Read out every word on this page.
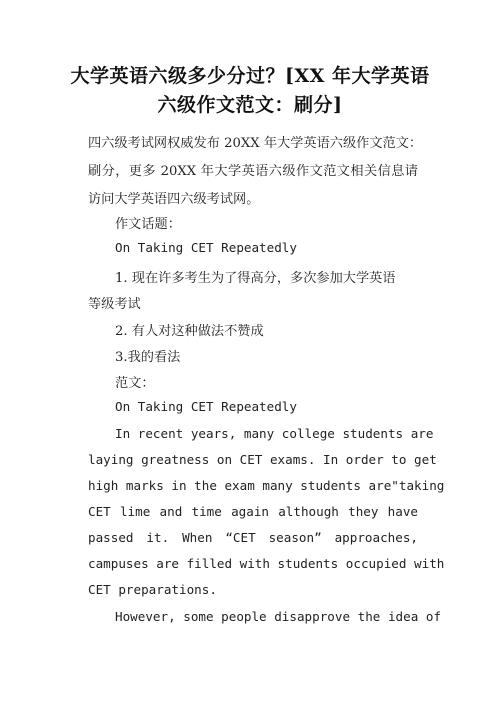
大学英语六级多少分过？[XX 年大学英语
六级作文范文：刷分]
四六级考试网权威发布 20XX 年大学英语六级作文范文：
刷分，更多 20XX 年大学英语六级作文范文相关信息请
访问大学英语四六级考试网。
作文话题：
On Taking CET Repeatedly
1. 现在许多考生为了得高分，多次参加大学英语
等级考试
2. 有人对这种做法不赞成
3.我的看法
范文：
On Taking CET Repeatedly
In recent years, many college students are
laying greatness on CET exams. In order to get
high marks in the exam many students are"taking
CET lime and time again although they have
passed it. When “CET season” approaches,
campuses are filled with students occupied with
CET preparations.
However, some people disapprove the idea of
